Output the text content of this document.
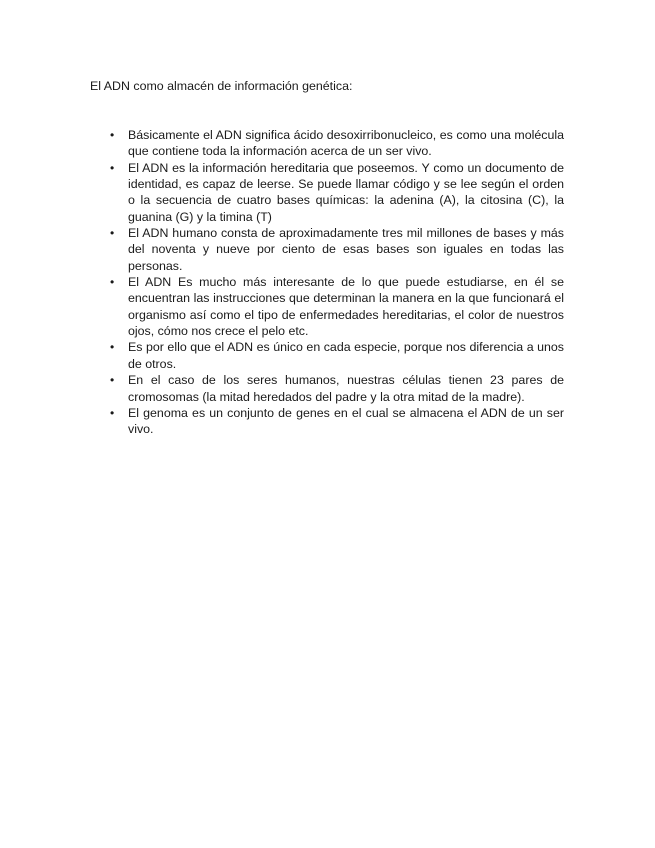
El ADN como almacén de información genética:

•	Básicamente el ADN significa ácido desoxirribonucleico, es como una molécula que contiene toda la información acerca de un ser vivo.
•	El ADN es la información hereditaria que poseemos. Y como un documento de identidad, es capaz de leerse. Se puede llamar código y se lee según el orden o la secuencia de cuatro bases químicas: la adenina (A), la citosina (C), la guanina (G) y la timina (T)
•	El ADN humano consta de aproximadamente tres mil millones de bases y más del noventa y nueve por ciento de esas bases son iguales en todas las personas.
•	El ADN Es mucho más interesante de lo que puede estudiarse, en él se encuentran las instrucciones que determinan la manera en la que funcionará el organismo así como el tipo de enfermedades hereditarias, el color de nuestros ojos, cómo nos crece el pelo etc.
•	Es por ello que el ADN es único en cada especie, porque nos diferencia a unos de otros.
•	En el caso de los seres humanos, nuestras células tienen 23 pares de cromosomas (la mitad heredados del padre y la otra mitad de la madre).
•	El genoma es un conjunto de genes en el cual se almacena el ADN de un ser vivo.
